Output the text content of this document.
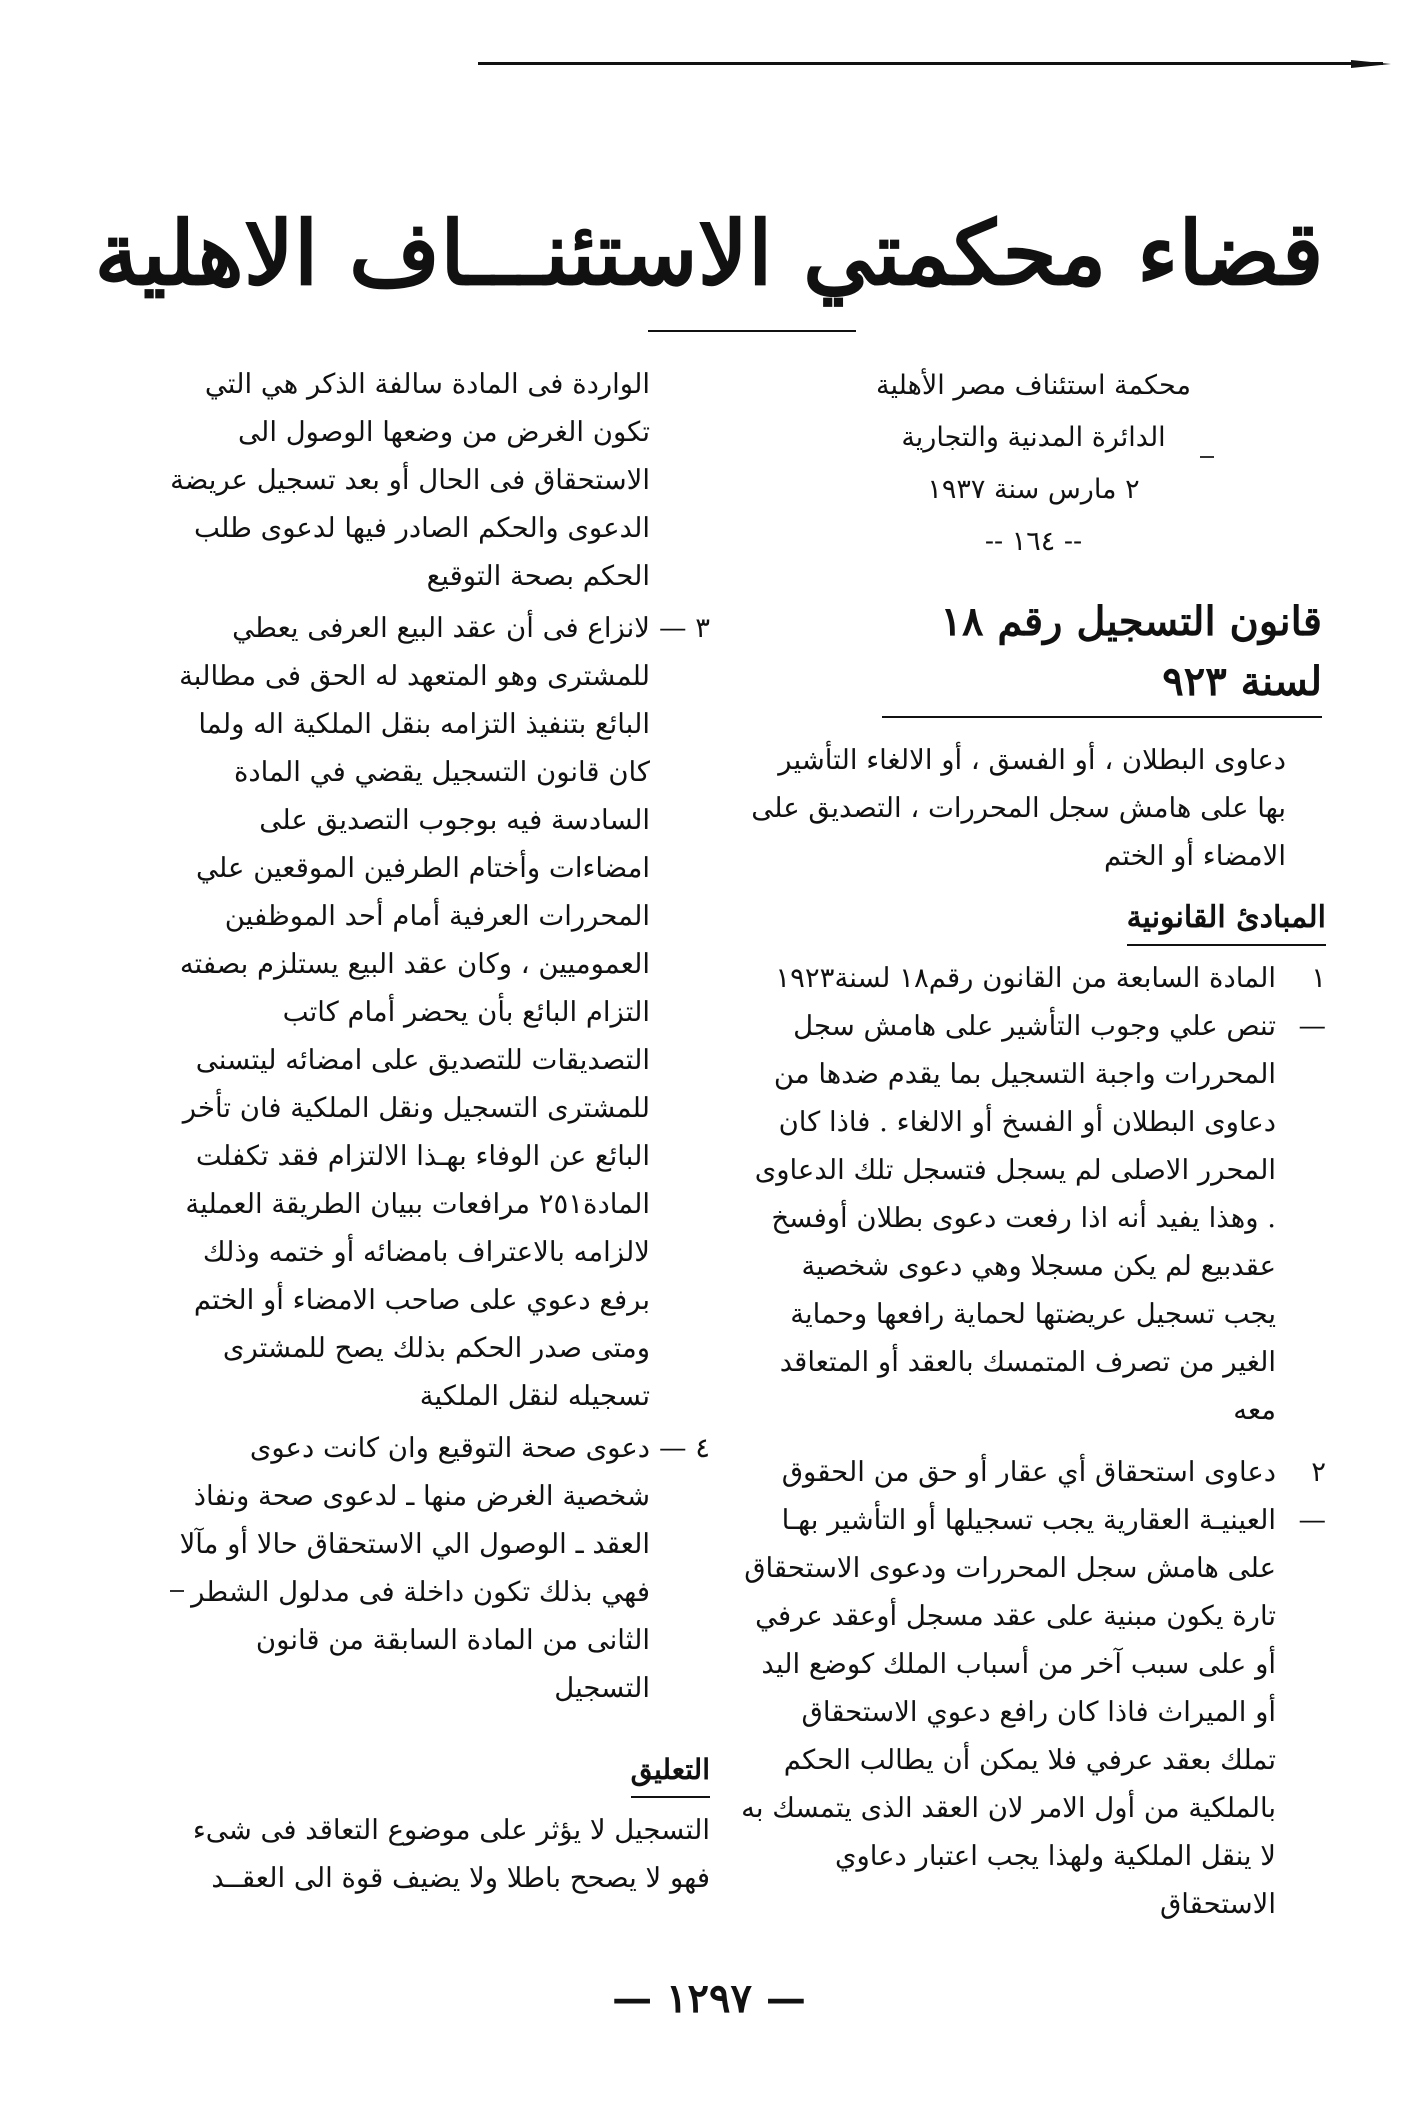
قضاء محكمتي الاستئنـــاف الاهلية
محكمة استئناف مصر الأهلية
الدائرة المدنية والتجارية
٢ مارس سنة ١٩٣٧
-- ١٦٤ --
قانون التسجيل رقم ١٨ لسنة ٩٢٣
دعاوى البطلان ، أو الفسق ، أو الالغاء التأشير بها على هامش سجل المحررات ، التصديق على الامضاء أو الختم
المبادئ القانونية
١ —
المادة السابعة من القانون رقم١٨ لسنة١٩٢٣ تنص علي وجوب التأشير على هامش سجل المحررات واجبة التسجيل بما يقدم ضدها من دعاوى البطلان أو الفسخ أو الالغاء . فاذا كان المحرر الاصلى لم يسجل فتسجل تلك الدعاوى . وهذا يفيد أنه اذا رفعت دعوى بطلان أوفسخ عقدبيع لم يكن مسجلا وهي دعوى شخصية يجب تسجيل عريضتها لحماية رافعها وحماية الغير من تصرف المتمسك بالعقد أو المتعاقد معه
٢ —
دعاوى استحقاق أي عقار أو حق من الحقوق العينيـة العقارية يجب تسجيلها أو التأشير بهـا على هامش سجل المحررات ودعوى الاستحقاق تارة يكون مبنية على عقد مسجل أوعقد عرفي أو على سبب آخر من أسباب الملك كوضع اليد أو الميراث فاذا كان رافع دعوي الاستحقاق تملك بعقد عرفي فلا يمكن أن يطالب الحكم بالملكية من أول الامر لان العقد الذى يتمسك به لا ينقل الملكية ولهذا يجب اعتبار دعاوي الاستحقاق
الواردة فى المادة سالفة الذكر هي التي تكون الغرض من وضعها الوصول الى الاستحقاق فى الحال أو بعد تسجيل عريضة الدعوى والحكم الصادر فيها لدعوى طلب الحكم بصحة التوقيع
٣ —
لانزاع فى أن عقد البيع العرفى يعطي للمشترى وهو المتعهد له الحق فى مطالبة البائع بتنفيذ التزامه بنقل الملكية اله ولما كان قانون التسجيل يقضي في المادة السادسة فيه بوجوب التصديق على امضاءات وأختام الطرفين الموقعين علي المحررات العرفية أمام أحد الموظفين العموميين ، وكان عقد البيع يستلزم بصفته التزام البائع بأن يحضر أمام كاتب التصديقات للتصديق على امضائه ليتسنى للمشترى التسجيل ونقل الملكية فان تأخر البائع عن الوفاء بهـذا الالتزام فقد تكفلت المادة٢٥١ مرافعات ببيان الطريقة العملية لالزامه بالاعتراف بامضائه أو ختمه وذلك برفع دعوي على صاحب الامضاء أو الختم ومتى صدر الحكم بذلك يصح للمشترى تسجيله لنقل الملكية
٤ —
دعوى صحة التوقيع وان كانت دعوى شخصية الغرض منها ـ لدعوى صحة ونفاذ العقد ـ الوصول الي الاستحقاق حالا أو مآلا فهي بذلك تكون داخلة فى مدلول الشطر الثانى من المادة السابقة من قانون التسجيل
التعليق
التسجيل لا يؤثر على موضوع التعاقد فى شىء فهو لا يصحح باطلا ولا يضيف قوة الى العقــد
— ١٢٩٧ —
